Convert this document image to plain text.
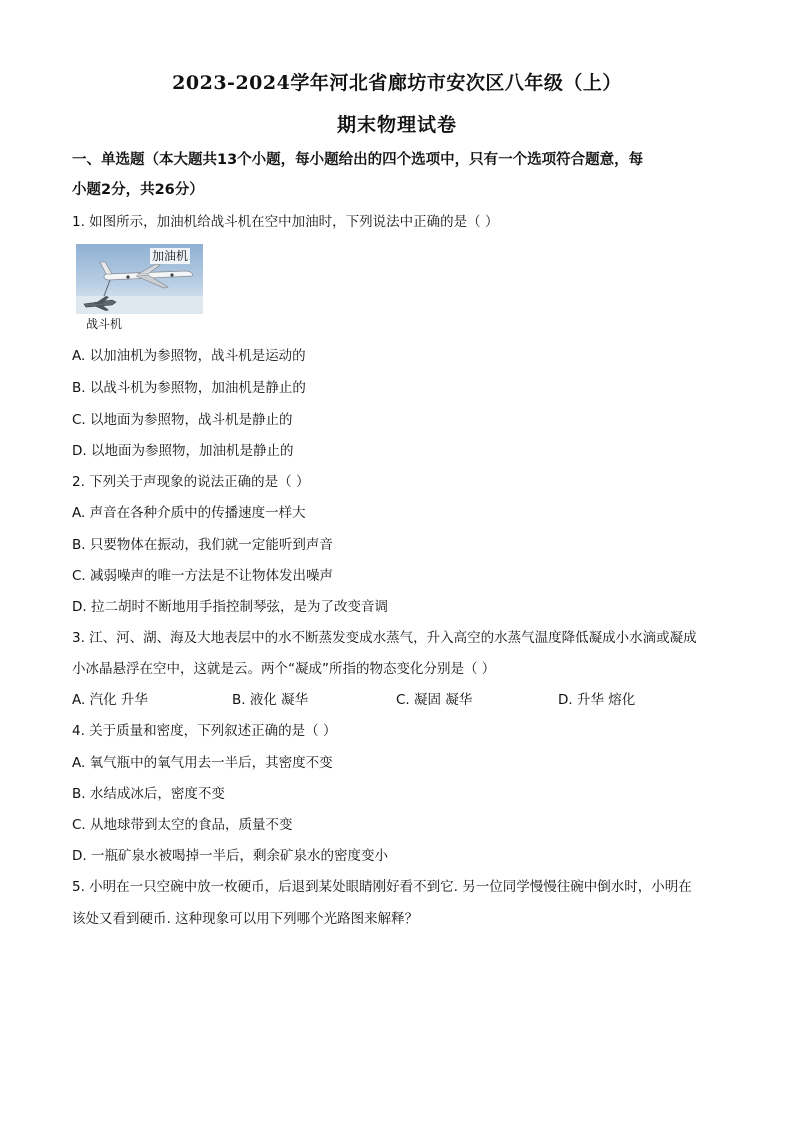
2023-2024学年河北省廊坊市安次区八年级（上）
期末物理试卷
一、单选题（本大题共13个小题，每小题给出的四个选项中，只有一个选项符合题意，每
小题2分，共26分）
1. 如图所示，加油机给战斗机在空中加油时，下列说法中正确的是（ ）
加油机
战斗机
A. 以加油机为参照物，战斗机是运动的
B. 以战斗机为参照物，加油机是静止的
C. 以地面为参照物，战斗机是静止的
D. 以地面为参照物，加油机是静止的
2. 下列关于声现象的说法正确的是（ ）
A. 声音在各种介质中的传播速度一样大
B. 只要物体在振动，我们就一定能听到声音
C. 减弱噪声的唯一方法是不让物体发出噪声
D. 拉二胡时不断地用手指控制琴弦，是为了改变音调
3. 江、河、湖、海及大地表层中的水不断蒸发变成水蒸气，升入高空的水蒸气温度降低凝成小水滴或凝成
小冰晶悬浮在空中，这就是云。两个“凝成”所指的物态变化分别是（ ）
A. 汽化 升华	B. 液化 凝华	C. 凝固 凝华	D. 升华 熔化
4. 关于质量和密度，下列叙述正确的是（ ）
A. 氧气瓶中的氧气用去一半后，其密度不变
B. 水结成冰后，密度不变
C. 从地球带到太空的食品，质量不变
D. 一瓶矿泉水被喝掉一半后，剩余矿泉水的密度变小
5. 小明在一只空碗中放一枚硬币，后退到某处眼睛刚好看不到它. 另一位同学慢慢往碗中倒水时，小明在
该处又看到硬币. 这种现象可以用下列哪个光路图来解释？
